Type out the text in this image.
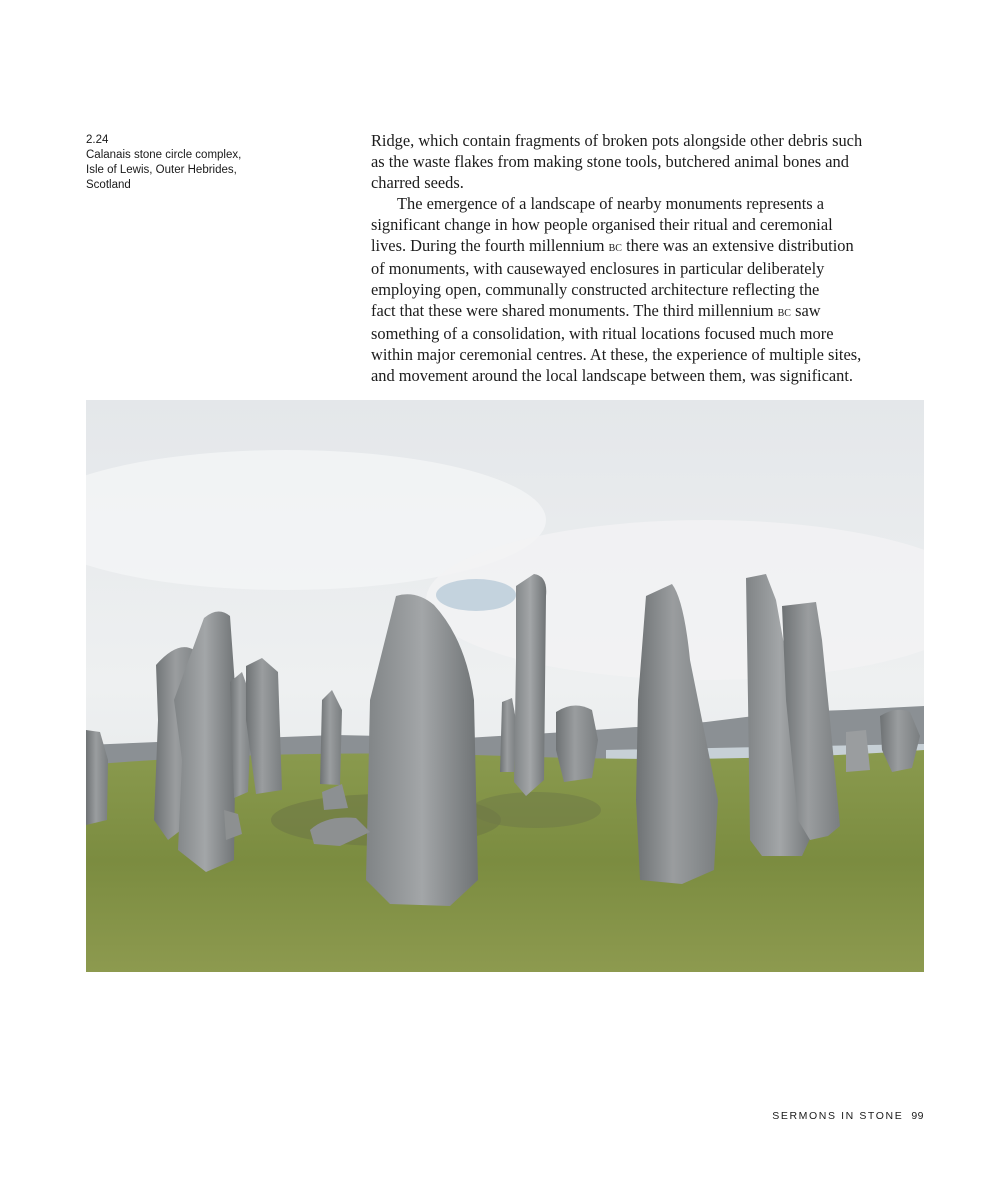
2.24
Calanais stone circle complex,
Isle of Lewis, Outer Hebrides,
Scotland
Ridge, which contain fragments of broken pots alongside other debris such
as the waste flakes from making stone tools, butchered animal bones and
charred seeds.
The emergence of a landscape of nearby monuments represents a
significant change in how people organised their ritual and ceremonial
lives. During the fourth millennium bc there was an extensive distribution
of monuments, with causewayed enclosures in particular deliberately
employing open, communally constructed architecture reflecting the
fact that these were shared monuments. The third millennium bc saw
something of a consolidation, with ritual locations focused much more
within major ceremonial centres. At these, the experience of multiple sites,
and movement around the local landscape between them, was significant.
SERMONS IN STONE 99
